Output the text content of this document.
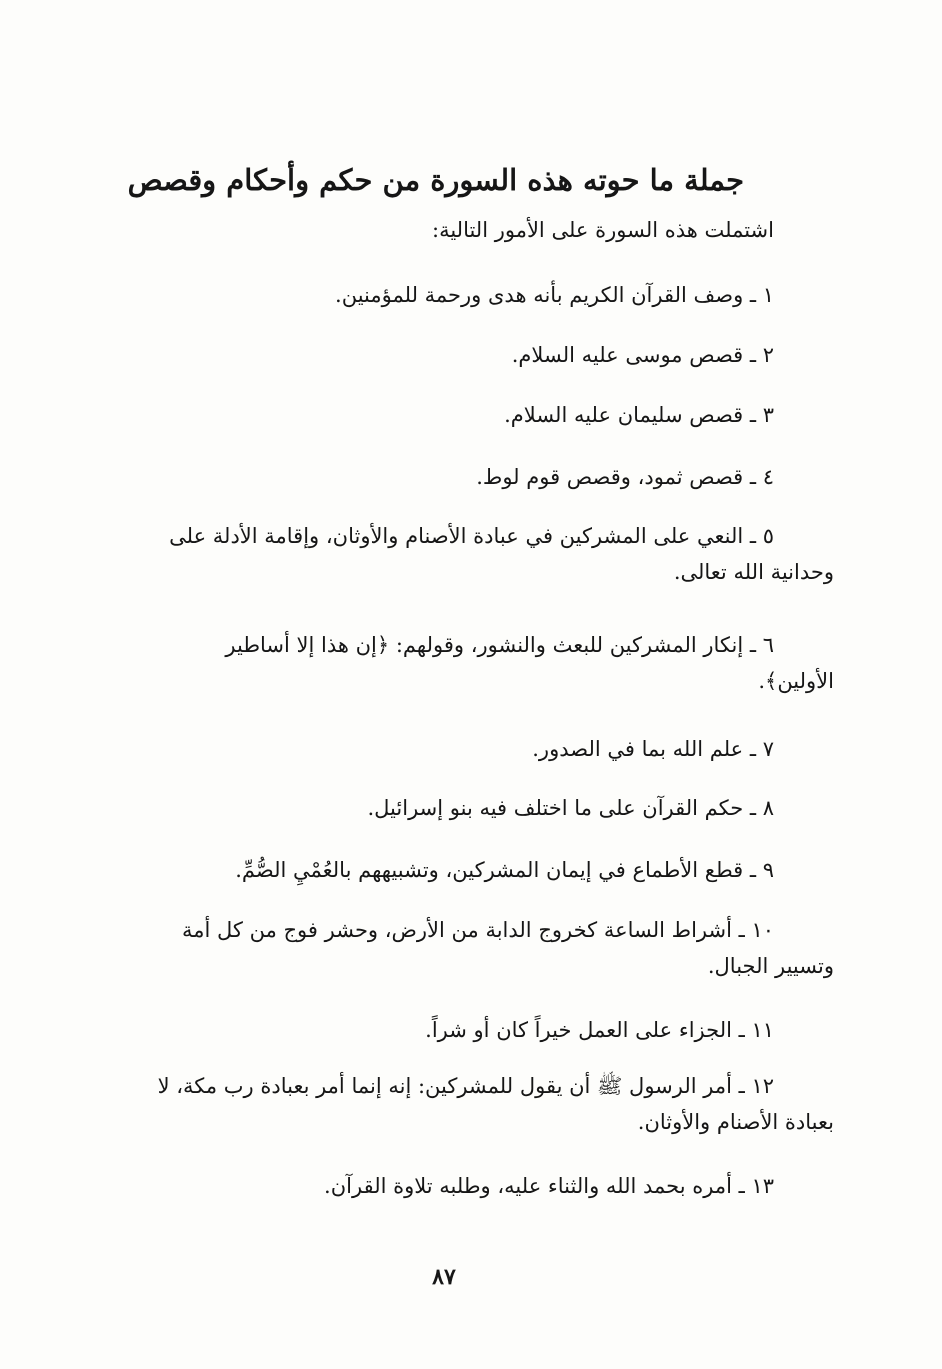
جملة ما حوته هذه السورة من حكم وأحكام وقصص
اشتملت هذه السورة على الأمور التالية:
١ ـ وصف القرآن الكريم بأنه هدى ورحمة للمؤمنين.
٢ ـ قصص موسى عليه السلام.
٣ ـ قصص سليمان عليه السلام.
٤ ـ قصص ثمود، وقصص قوم لوط.
٥ ـ النعي على المشركين في عبادة الأصنام والأوثان، وإقامة الأدلة على
وحدانية الله تعالى.
٦ ـ إنكار المشركين للبعث والنشور، وقولهم: ﴿إن هذا إلا أساطير
الأولين﴾.
٧ ـ علم الله بما في الصدور.
٨ ـ حكم القرآن على ما اختلف فيه بنو إسرائيل.
٩ ـ قطع الأطماع في إيمان المشركين، وتشبيههم بالعُمْيِ الصُّمِّ.
١٠ ـ أشراط الساعة كخروج الدابة من الأرض، وحشر فوج من كل أمة
وتسيير الجبال.
١١ ـ الجزاء على العمل خيراً كان أو شراً.
١٢ ـ أمر الرسول ﷺ أن يقول للمشركين: إنه إنما أمر بعبادة رب مكة، لا
بعبادة الأصنام والأوثان.
١٣ ـ أمره بحمد الله والثناء عليه، وطلبه تلاوة القرآن.
٨٧
